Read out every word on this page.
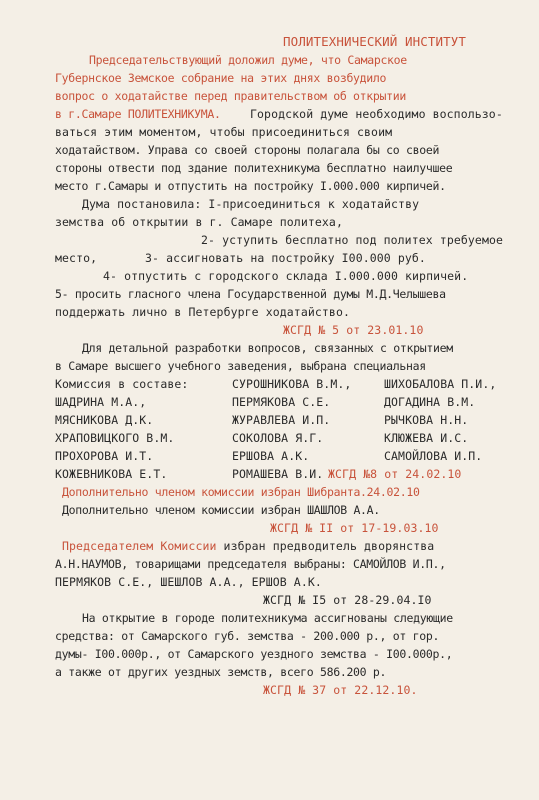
ПОЛИТЕХНИЧЕСКИЙ ИНСТИТУТ
Председательствующий доложил думе, что Самарское
Губернское Земское собрание на этих днях возбудило
вопрос о ходатайстве перед правительством об открытии
в г.Самаре ПОЛИТЕХНИКУМА.	Городской думе необходимо воспользо-
ваться этим моментом, чтобы присоединиться своим
ходатайством. Управа со своей стороны полагала бы со своей
стороны отвести под здание политехникума бесплатно наилучшее
место г.Самары и отпустить на постройку I.000.000 кирпичей.
Дума постановила: I-присоединиться к ходатайству
земства об открытии в г. Самаре политеха,
2- уступить бесплатно под политех требуемое
место,	3- ассигновать на постройку I00.000 руб.
4- отпустить с городского склада I.000.000 кирпичей.
5- просить гласного члена Государственной думы М.Д.Челышева
поддержать лично в Петербурге ходатайство.
ЖСГД № 5 от 23.01.10
Для детальной разработки вопросов, связанных с открытием
в Самаре высшего учебного заведения, выбрана специальная
Комиссия в составе:	СУРОШНИКОВА В.М.,	ШИХОБАЛОВА П.И.,
ШАДРИНА М.А.,	ПЕРМЯКОВА С.Е.	ДОГАДИНА В.М.
МЯСНИКОВА Д.К.	ЖУРАВЛЕВА И.П.	РЫЧКОВА Н.Н.
ХРАПОВИЦКОГО В.М.	СОКОЛОВА Я.Г.	КЛЮЖЕВА И.С.
ПРОХОРОВА И.Т.	ЕРШОВА А.К.	САМОЙЛОВА И.П.
КОЖЕВНИКОВА Е.Т.	РОМАШЕВА В.И. ЖСГД №8 от 24.02.10
Дополнительно членом комиссии избран Шибранта.24.02.10
Дополнительно членом комиссии избран ШАШЛОВ А.А.
ЖСГД № II от 17-19.03.10
Председателем Комиссии избран предводитель дворянства
А.Н.НАУМОВ, товарищами председателя выбраны: САМОЙЛОВ И.П.,
ПЕРМЯКОВ С.Е., ШЕШЛОВ А.А., ЕРШОВ А.К.
ЖСГД № I5 от 28-29.04.I0
На открытие в городе политехникума ассигнованы следующие
средства: от Самарского губ. земства - 200.000 р., от гор.
думы- I00.000р., от Самарского уездного земства - I00.000р.,
а также от других уездных земств, всего 586.200 р.
ЖСГД № 37 от 22.12.10.
